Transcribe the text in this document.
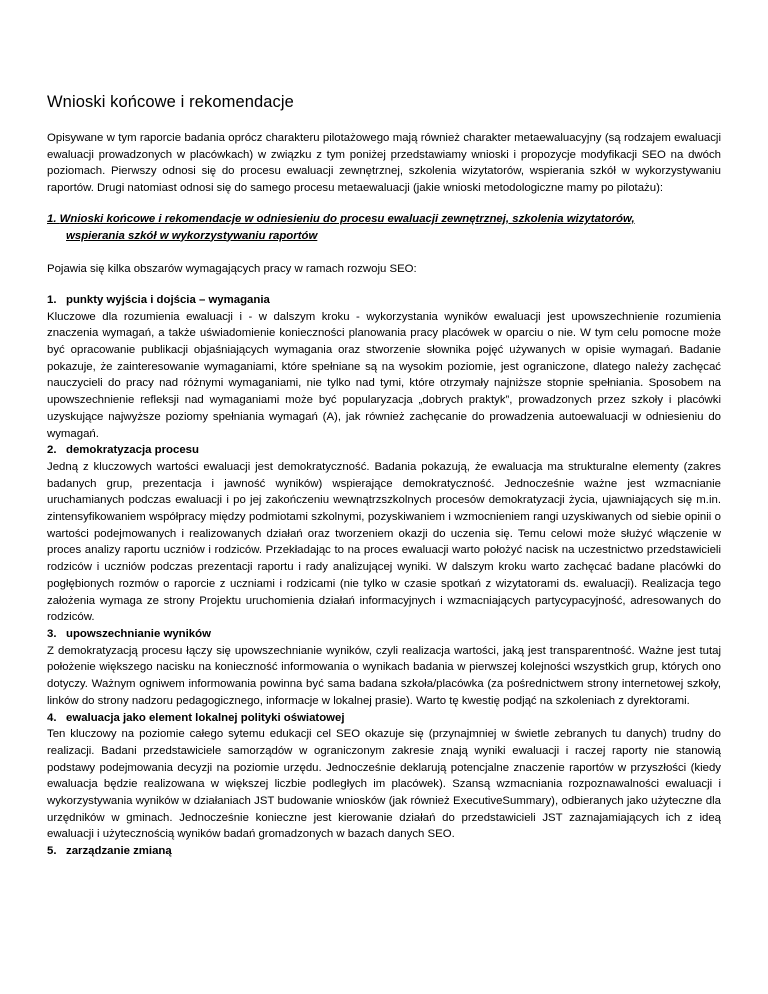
Wnioski końcowe i rekomendacje

Opisywane w tym raporcie badania oprócz charakteru pilotażowego mają również charakter metaewaluacyjny (są rodzajem ewaluacji ewaluacji prowadzonych w placówkach) w związku z tym poniżej przedstawiamy wnioski i propozycje modyfikacji SEO na dwóch poziomach. Pierwszy odnosi się do procesu ewaluacji zewnętrznej, szkolenia wizytatorów, wspierania szkół w wykorzystywaniu raportów. Drugi natomiast odnosi się do samego procesu metaewaluacji (jakie wnioski metodologiczne mamy po pilotażu):

1. Wnioski końcowe i rekomendacje w odniesieniu do procesu ewaluacji zewnętrznej, szkolenia wizytatorów,
wspierania szkół w wykorzystywaniu raportów

Pojawia się kilka obszarów wymagających pracy w ramach rozwoju SEO:

1. punkty wyjścia i dojścia – wymagania

Kluczowe dla rozumienia ewaluacji i - w dalszym kroku - wykorzystania wyników ewaluacji jest upowszechnienie rozumienia znaczenia wymagań, a także uświadomienie konieczności planowania pracy placówek w oparciu o nie. W tym celu pomocne może być opracowanie publikacji objaśniających wymagania oraz stworzenie słownika pojęć używanych w opisie wymagań. Badanie pokazuje, że zainteresowanie wymaganiami, które spełniane są na wysokim poziomie, jest ograniczone, dlatego należy zachęcać nauczycieli do pracy nad różnymi wymaganiami, nie tylko nad tymi, które otrzymały najniższe stopnie spełniania. Sposobem na upowszechnienie refleksji nad wymaganiami może być popularyzacja „dobrych praktyk”, prowadzonych przez szkoły i placówki uzyskujące najwyższe poziomy spełniania wymagań (A), jak również zachęcanie do prowadzenia autoewaluacji w odniesieniu do wymagań.

2. demokratyzacja procesu

Jedną z kluczowych wartości ewaluacji jest demokratyczność. Badania pokazują, że ewaluacja ma strukturalne elementy (zakres badanych grup, prezentacja i jawność wyników) wspierające demokratyczność. Jednocześnie ważne jest wzmacnianie uruchamianych podczas ewaluacji i po jej zakończeniu wewnątrzszkolnych procesów demokratyzacji życia, ujawniających się m.in. zintensyfikowaniem współpracy między podmiotami szkolnymi, pozyskiwaniem i wzmocnieniem rangi uzyskiwanych od siebie opinii o wartości podejmowanych i realizowanych działań oraz tworzeniem okazji do uczenia się. Temu celowi może służyć włączenie w proces analizy raportu uczniów i rodziców. Przekładając to na proces ewaluacji warto położyć nacisk na uczestnictwo przedstawicieli rodziców i uczniów podczas prezentacji raportu i rady analizującej wyniki. W dalszym kroku warto zachęcać badane placówki do pogłębionych rozmów o raporcie z uczniami i rodzicami (nie tylko w czasie spotkań z wizytatorami ds. ewaluacji). Realizacja tego założenia wymaga ze strony Projektu uruchomienia działań informacyjnych i wzmacniających partycypacyjność, adresowanych do rodziców.

3. upowszechnianie wyników

Z demokratyzacją procesu łączy się upowszechnianie wyników, czyli realizacja wartości, jaką jest transparentność. Ważne jest tutaj położenie większego nacisku na konieczność informowania o wynikach badania w pierwszej kolejności wszystkich grup, których ono dotyczy. Ważnym ogniwem informowania powinna być sama badana szkoła/placówka (za pośrednictwem strony internetowej szkoły, linków do strony nadzoru pedagogicznego, informacje w lokalnej prasie). Warto tę kwestię podjąć na szkoleniach z dyrektorami.

4. ewaluacja jako element lokalnej polityki oświatowej

Ten kluczowy na poziomie całego sytemu edukacji cel SEO okazuje się (przynajmniej w świetle zebranych tu danych) trudny do realizacji. Badani przedstawiciele samorządów w ograniczonym zakresie znają wyniki ewaluacji i raczej raporty nie stanowią podstawy podejmowania decyzji na poziomie urzędu. Jednocześnie deklarują potencjalne znaczenie raportów w przyszłości (kiedy ewaluacja będzie realizowana w większej liczbie podległych im placówek). Szansą wzmacniania rozpoznawalności ewaluacji i wykorzystywania wyników w działaniach JST budowanie wniosków (jak również ExecutiveSummary), odbieranych jako użyteczne dla urzędników w gminach. Jednocześnie konieczne jest kierowanie działań do przedstawicieli JST zaznajamiających ich z ideą ewaluacji i użytecznością wyników badań gromadzonych w bazach danych SEO.

5. zarządzanie zmianą
